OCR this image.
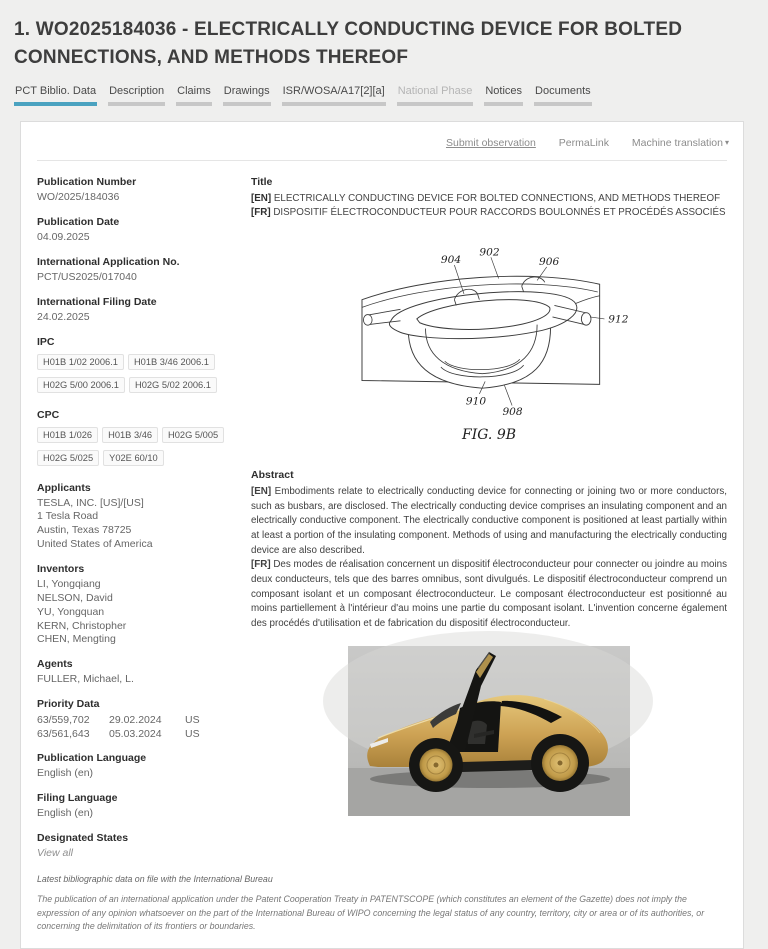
1. WO2025184036 - ELECTRICALLY CONDUCTING DEVICE FOR BOLTED CONNECTIONS, AND METHODS THEREOF
PCT Biblio. Data Description Claims Drawings ISR/WOSA/A17[2][a] National Phase Notices Documents
Submit observation PermaLink Machine translation ▾
Publication Number
WO/2025/184036
Publication Date
04.09.2025
International Application No.
PCT/US2025/017040
International Filing Date
24.02.2025
IPC
H01B 1/02 2006.1 H01B 3/46 2006.1H02G 5/00 2006.1 H02G 5/02 2006.1
CPC
H01B 1/026 H01B 3/46 H02G 5/005H02G 5/025 Y02E 60/10
Applicants
TESLA, INC. [US]/[US]
1 Tesla Road
Austin, Texas 78725
United States of America
Inventors
LI, Yongqiang
NELSON, David
YU, Yongquan
KERN, Christopher
CHEN, Mengting
Agents
FULLER, Michael, L.
Priority Data
63/559,702	29.02.2024	US
63/561,643	05.03.2024	US
Publication Language
English (en)
Filing Language
English (en)
Designated States
View all
Title
[EN] ELECTRICALLY CONDUCTING DEVICE FOR BOLTED CONNECTIONS, AND METHODS THEREOF
[FR] DISPOSITIF ÉLECTROCONDUCTEUR POUR RACCORDS BOULONNÉS ET PROCÉDÉS ASSOCIÉS
904
902
906
912
910
908
FIG. 9B
Abstract
[EN] Embodiments relate to electrically conducting device for connecting or joining two or more conductors, such as busbars, are disclosed. The electrically conducting device comprises an insulating component and an electrically conductive component. The electrically conductive component is positioned at least partially within at least a portion of the insulating component. Methods of using and manufacturing the electrically conducting device are also described.
[FR] Des modes de réalisation concernent un dispositif électroconducteur pour connecter ou joindre au moins deux conducteurs, tels que des barres omnibus, sont divulgués. Le dispositif électroconducteur comprend un composant isolant et un composant électroconducteur. Le composant électroconducteur est positionné au moins partiellement à l'intérieur d'au moins une partie du composant isolant. L'invention concerne également des procédés d'utilisation et de fabrication du dispositif électroconducteur.

Latest bibliographic data on file with the International Bureau

The publication of an international application under the Patent Cooperation Treaty in PATENTSCOPE (which constitutes an element of the Gazette) does not imply the expression of any opinion whatsoever on the part of the International Bureau of WIPO concerning the legal status of any country, territory, city or area or of its authorities, or concerning the delimitation of its frontiers or boundaries.
